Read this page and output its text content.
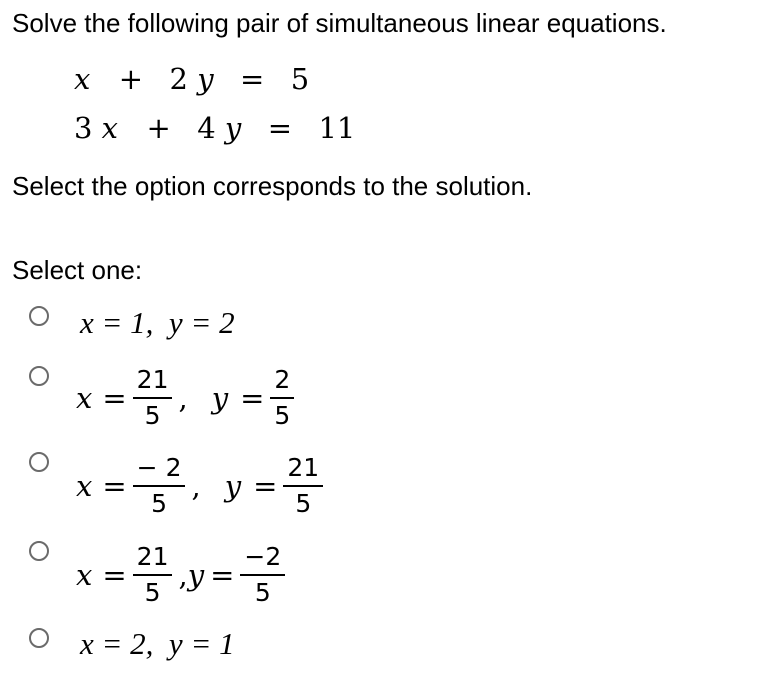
Solve the following pair of simultaneous linear equations.
x + 2 y = 5
3 x + 4 y = 11
Select the option corresponds to the solution.
Select one:
x = 1,  y = 2
$x = \frac{21}{5}$ , $y = \frac{2}{5}$
$x = \frac{- 2}{5}$ , $y = \frac{21}{5}$
$x = \frac{21}{5}$ , $y = \frac{-2}{5}$
x = 2,  y = 1
